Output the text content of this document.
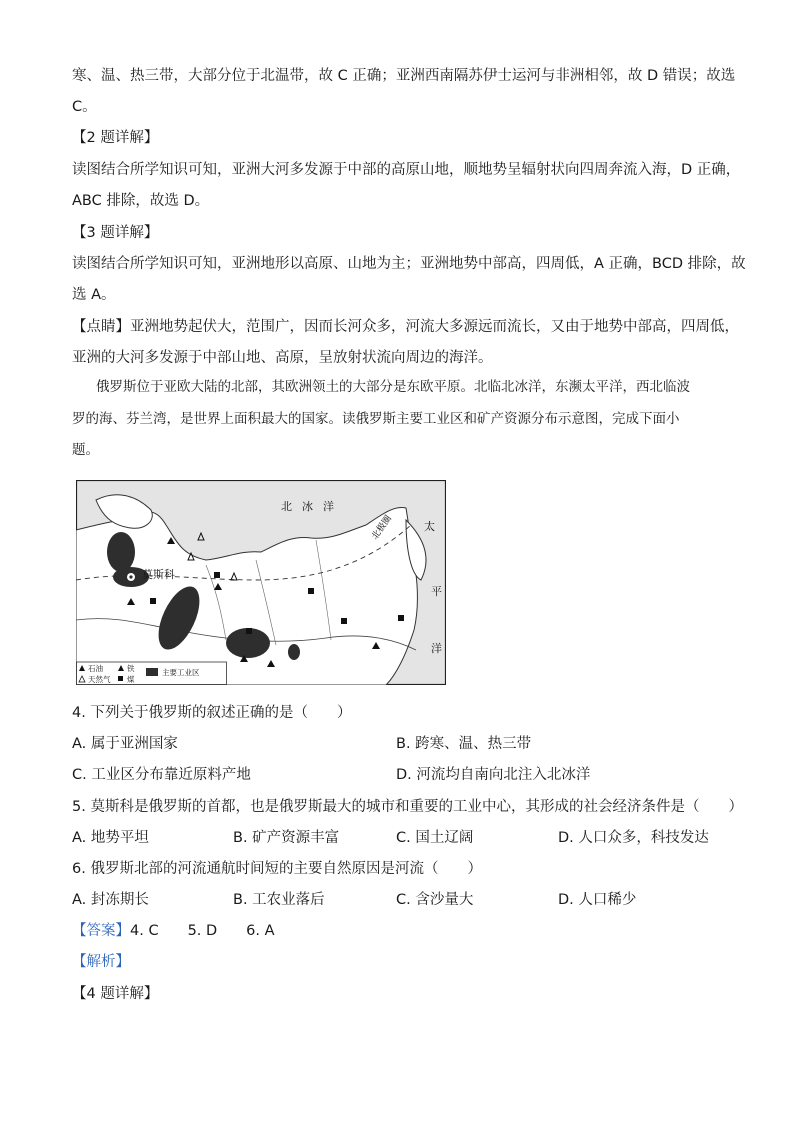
寒、温、热三带，大部分位于北温带，故 C 正确；亚洲西南隔苏伊士运河与非洲相邻，故 D 错误；故选
C。
【2 题详解】
读图结合所学知识可知，亚洲大河多发源于中部的高原山地，顺地势呈辐射状向四周奔流入海，D 正确，
ABC 排除，故选 D。
【3 题详解】
读图结合所学知识可知，亚洲地形以高原、山地为主；亚洲地势中部高，四周低，A 正确，BCD 排除，故
选 A。
【点睛】亚洲地势起伏大，范围广，因而长河众多，河流大多源远而流长，又由于地势中部高，四周低，
亚洲的大河多发源于中部山地、高原，呈放射状流向周边的海洋。
俄罗斯位于亚欧大陆的北部，其欧洲领土的大部分是东欧平原。北临北冰洋，东濒太平洋，西北临波
罗的海、芬兰湾，是世界上面积最大的国家。读俄罗斯主要工业区和矿产资源分布示意图，完成下面小
题。
北极圈
北冰洋
太
平
洋
莫斯科
石油
天然气
铁
煤
主要工业区
4. 下列关于俄罗斯的叙述正确的是（　　）
A. 属于亚洲国家	B. 跨寒、温、热三带
C. 工业区分布靠近原料产地	D. 河流均自南向北注入北冰洋
5. 莫斯科是俄罗斯的首都，也是俄罗斯最大的城市和重要的工业中心，其形成的社会经济条件是（　　）
A. 地势平坦	B. 矿产资源丰富	C. 国土辽阔	D. 人口众多，科技发达
6. 俄罗斯北部的河流通航时间短的主要自然原因是河流（　　）
A. 封冻期长	B. 工农业落后	C. 含沙量大	D. 人口稀少
【答案】4. C　　5. D　　6. A
【解析】
【4 题详解】
